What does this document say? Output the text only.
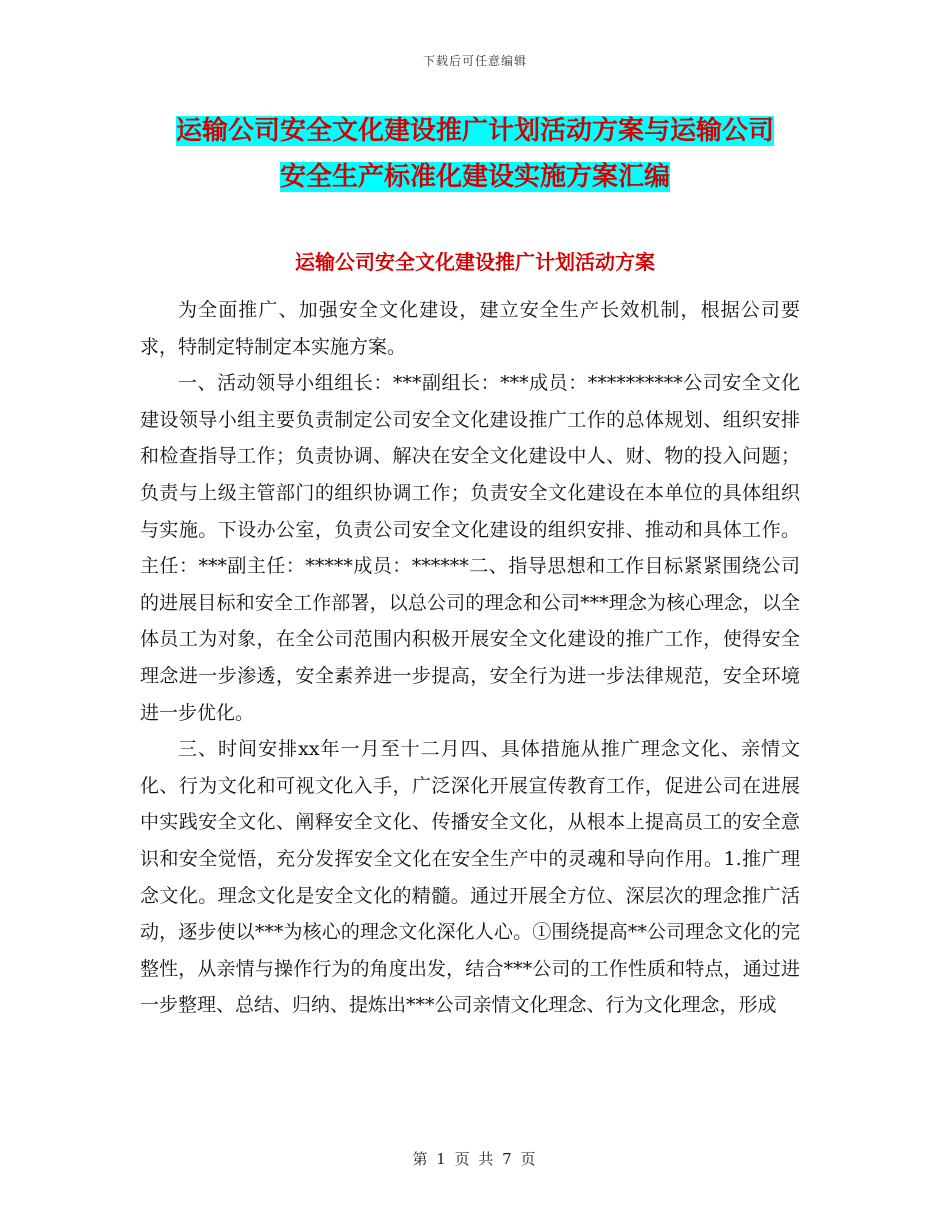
下载后可任意编辑
运输公司安全文化建设推广计划活动方案与运输公司
安全生产标准化建设实施方案汇编
运输公司安全文化建设推广计划活动方案

为全面推广、加强安全文化建设，建立安全生产长效机制，根据公司要求，特制定特制定本实施方案。

一、活动领导小组组长：***副组长：***成员：**********公司安全文化建设领导小组主要负责制定公司安全文化建设推广工作的总体规划、组织安排和检查指导工作；负责协调、解决在安全文化建设中人、财、物的投入问题；负责与上级主管部门的组织协调工作；负责安全文化建设在本单位的具体组织与实施。下设办公室，负责公司安全文化建设的组织安排、推动和具体工作。主任：***副主任：*****成员：******二、指导思想和工作目标紧紧围绕公司的进展目标和安全工作部署，以总公司的理念和公司***理念为核心理念，以全体员工为对象，在全公司范围内积极开展安全文化建设的推广工作，使得安全理念进一步渗透，安全素养进一步提高，安全行为进一步法律规范，安全环境进一步优化。

三、时间安排xx年一月至十二月四、具体措施从推广理念文化、亲情文化、行为文化和可视文化入手，广泛深化开展宣传教育工作，促进公司在进展中实践安全文化、阐释安全文化、传播安全文化，从根本上提高员工的安全意识和安全觉悟，充分发挥安全文化在安全生产中的灵魂和导向作用。1.推广理念文化。理念文化是安全文化的精髓。通过开展全方位、深层次的理念推广活动，逐步使以***为核心的理念文化深化人心。①围绕提高**公司理念文化的完整性，从亲情与操作行为的角度出发，结合***公司的工作性质和特点，通过进一步整理、总结、归纳、提炼出***公司亲情文化理念、行为文化理念，形成

第 1 页 共 7 页
